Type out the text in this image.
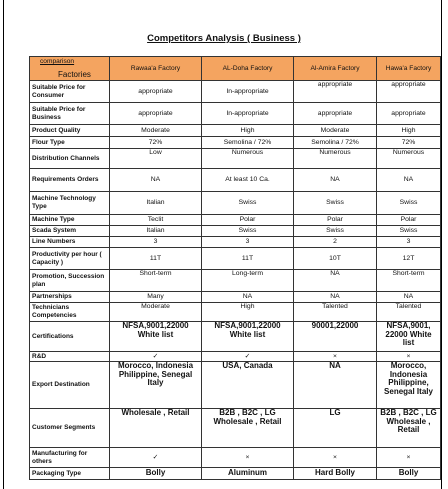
Competitors Analysis ( Business )
comparison
Factories	Rawaa'a Factory	AL-Doha Factory	Al-Amira Factory	Hawa'a Factory
Suitable Price for Consumer	appropriate	In-appropriate	appropriate	appropriate
Suitable Price for Business	appropriate	In-appropriate	appropriate	appropriate
Product Quality	Moderate	High	Moderate	High
Flour Type	72%	Semolina / 72%	Semolina / 72%	72%
Distribution Channels	Low	Numerous	Numerous	Numerous
Requirements Orders	NA	At least 10 Ca.	NA	NA
Machine Technology Type	Italian	Swiss	Swiss	Swiss
Machine Type	Teclit	Polar	Polar	Polar
Scada System	Italian	Swiss	Swiss	Swiss
Line Numbers	3	3	2	3
Productivity per hour ( Capacity )	11T	11T	10T	12T
Promotion, Succession plan	Short-term	Long-term	NA	Short-term
Partnerships	Many	NA	NA	NA
Technicians Competencies	Moderate	High	Talented	Talented
Certifications	NFSA,9001,22000 White list	NFSA,9001,22000 White list	90001,22000	NFSA,9001, 22000 White list
R&D	✓	✓	×	×
Export Destination	Morocco, Indonesia Philippine, Senegal Italy	USA, Canada	NA	Morocco, Indonesia Philippine, Senegal Italy
Customer Segments	Wholesale , Retail	B2B , B2C , LG Wholesale , Retail	LG	B2B , B2C , LG Wholesale , Retail
Manufacturing for others	✓	×	×	×
Packaging Type	Bolly	Aluminum	Hard Bolly	Bolly
